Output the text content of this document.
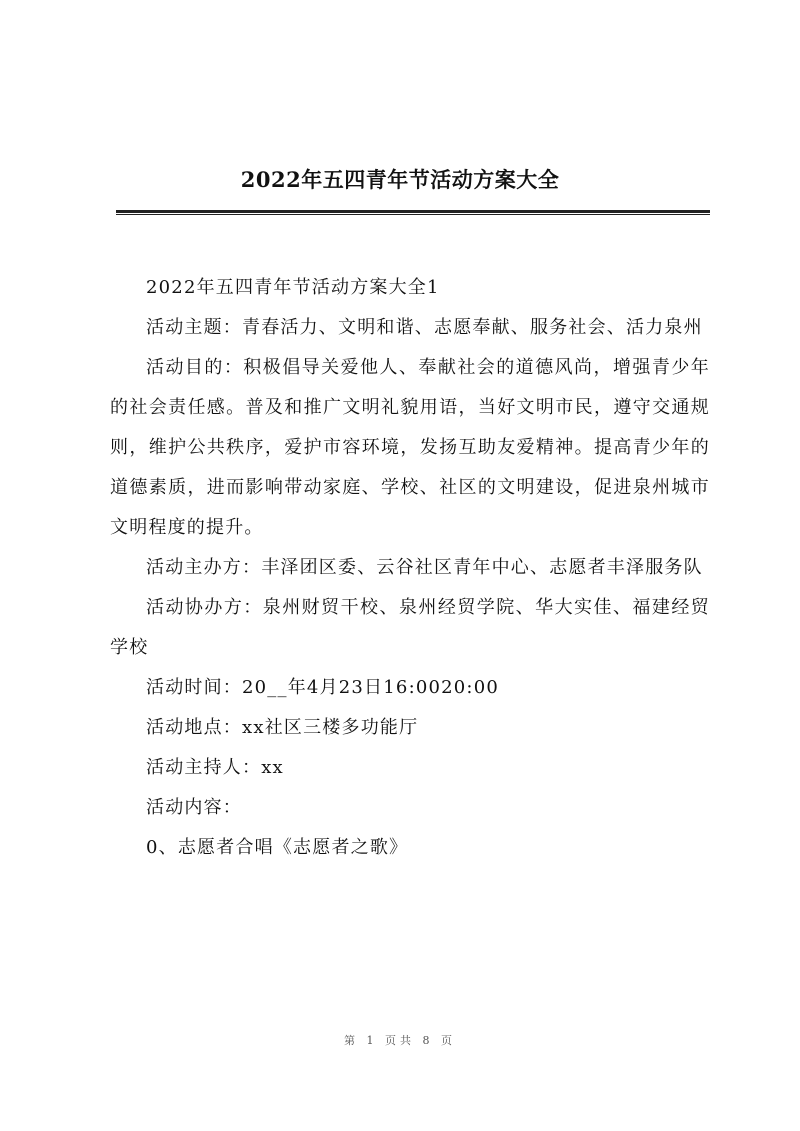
2022年五四青年节活动方案大全

2022年五四青年节活动方案大全1

活动主题：青春活力、文明和谐、志愿奉献、服务社会、活力泉州

活动目的：积极倡导关爱他人、奉献社会的道德风尚，增强青少年的社会责任感。普及和推广文明礼貌用语，当好文明市民，遵守交通规则，维护公共秩序，爱护市容环境，发扬互助友爱精神。提高青少年的道德素质，进而影响带动家庭、学校、社区的文明建设，促进泉州城市文明程度的提升。

活动主办方：丰泽团区委、云谷社区青年中心、志愿者丰泽服务队

活动协办方：泉州财贸干校、泉州经贸学院、华大实佳、福建经贸学校

活动时间：20__年4月23日16:0020:00

活动地点：xx社区三楼多功能厅

活动主持人：xx

活动内容：

0、志愿者合唱《志愿者之歌》

第 1 页共 8 页
